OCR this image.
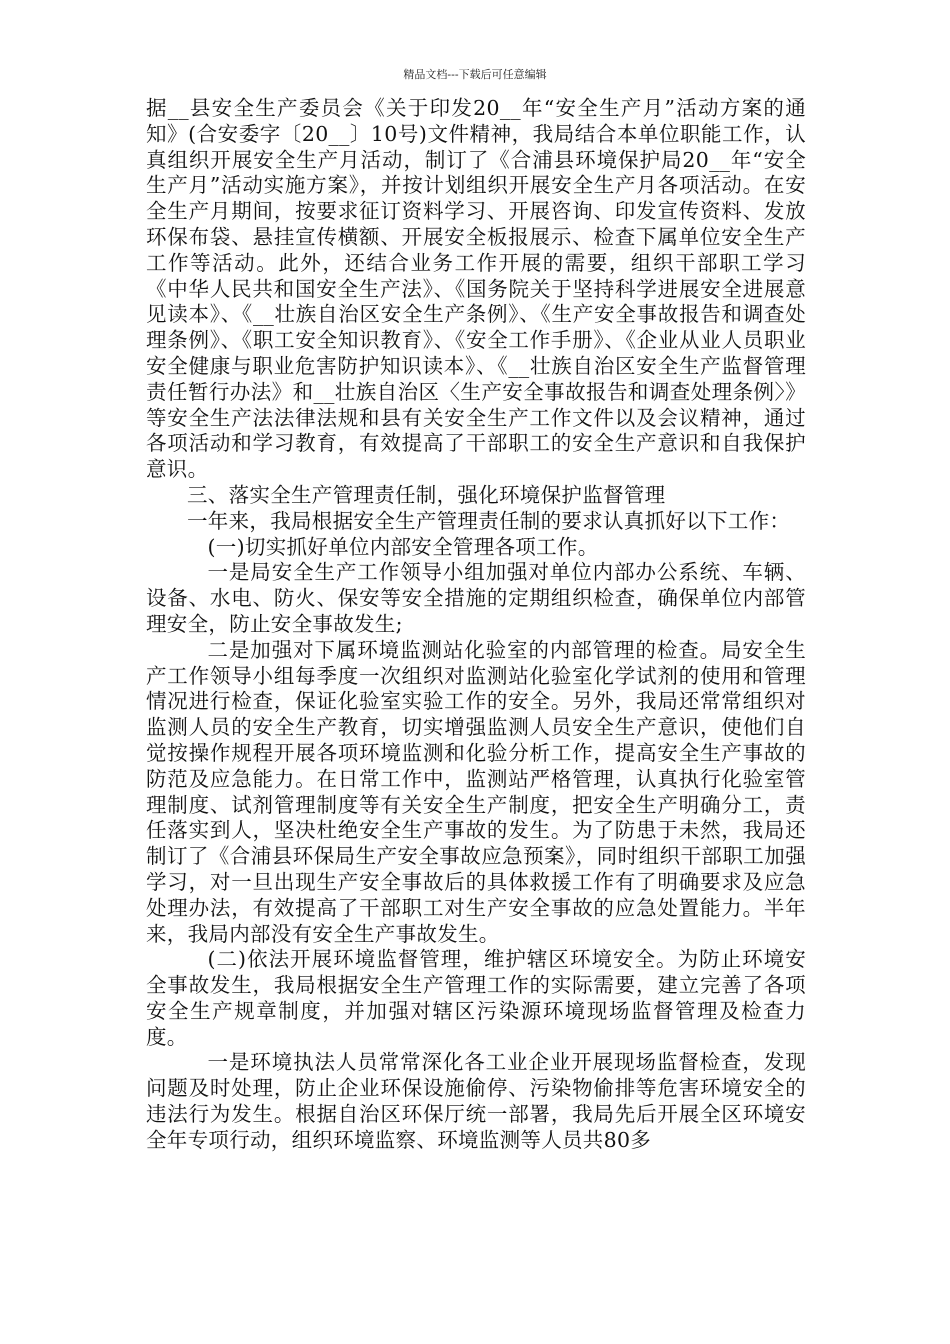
精品文档---下载后可任意编辑

据__县安全生产委员会《关于印发20__年“安全生产月”活动方案的通知》(合安委字〔20__〕10号)文件精神，我局结合本单位职能工作，认真组织开展安全生产月活动，制订了《合浦县环境保护局20__年“安全生产月”活动实施方案》，并按计划组织开展安全生产月各项活动。在安全生产月期间，按要求征订资料学习、开展咨询、印发宣传资料、发放环保布袋、悬挂宣传横额、开展安全板报展示、检查下属单位安全生产工作等活动。此外，还结合业务工作开展的需要，组织干部职工学习《中华人民共和国安全生产法》、《国务院关于坚持科学进展安全进展意见读本》、《__壮族自治区安全生产条例》、《生产安全事故报告和调查处理条例》、《职工安全知识教育》、《安全工作手册》、《企业从业人员职业安全健康与职业危害防护知识读本》、《__壮族自治区安全生产监督管理责任暂行办法》和__壮族自治区〈生产安全事故报告和调查处理条例〉》等安全生产法法律法规和县有关安全生产工作文件以及会议精神，通过各项活动和学习教育，有效提高了干部职工的安全生产意识和自我保护意识。

三、落实全生产管理责任制，强化环境保护监督管理

一年来，我局根据安全生产管理责任制的要求认真抓好以下工作：

(一)切实抓好单位内部安全管理各项工作。

一是局安全生产工作领导小组加强对单位内部办公系统、车辆、设备、水电、防火、保安等安全措施的定期组织检查，确保单位内部管理安全，防止安全事故发生;

二是加强对下属环境监测站化验室的内部管理的检查。局安全生产工作领导小组每季度一次组织对监测站化验室化学试剂的使用和管理情况进行检查，保证化验室实验工作的安全。另外，我局还常常组织对监测人员的安全生产教育，切实增强监测人员安全生产意识，使他们自觉按操作规程开展各项环境监测和化验分析工作，提高安全生产事故的防范及应急能力。在日常工作中，监测站严格管理，认真执行化验室管理制度、试剂管理制度等有关安全生产制度，把安全生产明确分工，责任落实到人，坚决杜绝安全生产事故的发生。为了防患于未然，我局还制订了《合浦县环保局生产安全事故应急预案》，同时组织干部职工加强学习，对一旦出现生产安全事故后的具体救援工作有了明确要求及应急处理办法，有效提高了干部职工对生产安全事故的应急处置能力。半年来，我局内部没有安全生产事故发生。

(二)依法开展环境监督管理，维护辖区环境安全。为防止环境安全事故发生，我局根据安全生产管理工作的实际需要，建立完善了各项安全生产规章制度，并加强对辖区污染源环境现场监督管理及检查力度。

一是环境执法人员常常深化各工业企业开展现场监督检查，发现问题及时处理，防止企业环保设施偷停、污染物偷排等危害环境安全的违法行为发生。根据自治区环保厅统一部署，我局先后开展全区环境安全年专项行动，组织环境监察、环境监测等人员共80多
